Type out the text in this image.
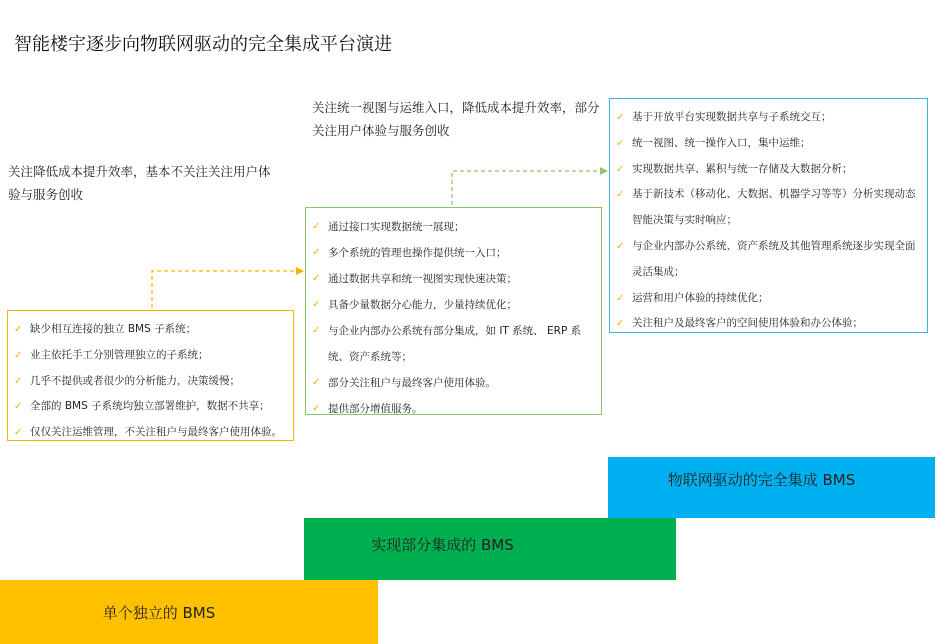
智能楼宇逐步向物联网驱动的完全集成平台演进
关注降低成本提升效率，基本不关注关注用户体验与服务创收
关注统一视图与运维入口，降低成本提升效率，部分关注用户体验与服务创收
✓ 缺少相互连接的独立 BMS 子系统；
✓ 业主依托手工分别管理独立的子系统；
✓ 几乎不提供或者很少的分析能力，决策缓慢；
✓ 全部的 BMS 子系统均独立部署维护，数据不共享；
✓ 仅仅关注运维管理，不关注租户与最终客户使用体验。
✓ 通过接口实现数据统一展现；
✓ 多个系统的管理也操作提供统一入口；
✓ 通过数据共享和统一视图实现快速决策；
✓ 具备少量数据分心能力，少量持续优化；
✓ 与企业内部办公系统有部分集成，如 IT 系统、 ERP 系统、资产系统等；
✓ 部分关注租户与最终客户使用体验。
✓ 提供部分增值服务。
✓ 基于开放平台实现数据共享与子系统交互；
✓ 统一视图、统一操作入口，集中运维；
✓ 实现数据共享、累积与统一存储及大数据分析；
✓ 基于新技术（移动化、大数据、机器学习等等）分析实现动态智能决策与实时响应；
✓ 与企业内部办公系统、资产系统及其他管理系统逐步实现全面灵活集成；
✓ 运营和用户体验的持续优化；
✓ 关注租户及最终客户的空间使用体验和办公体验；
单个独立的 BMS
实现部分集成的 BMS
物联网驱动的完全集成 BMS
